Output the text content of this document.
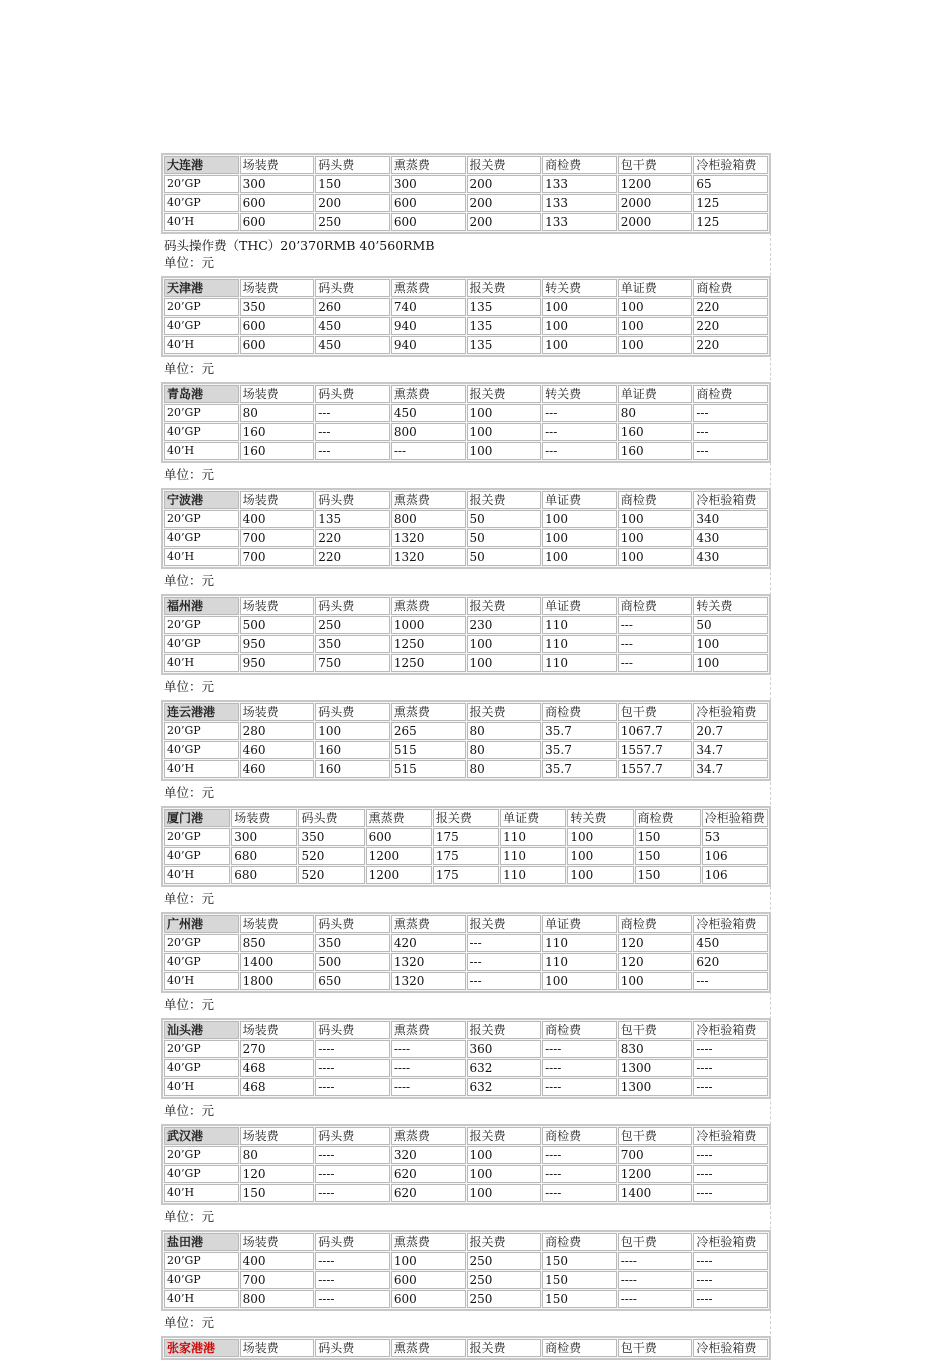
大连港	场装费	码头费	熏蒸费	报关费	商检费	包干费	冷柜验箱费
20’GP	300	150	300	200	133	1200	65
40’GP	600	200	600	200	133	2000	125
40’H	600	250	600	200	133	2000	125
码头操作费（THC）20’370RMB 40’560RMB
单位：元
天津港	场装费	码头费	熏蒸费	报关费	转关费	单证费	商检费
20’GP	350	260	740	135	100	100	220
40’GP	600	450	940	135	100	100	220
40’H	600	450	940	135	100	100	220
单位：元
青岛港	场装费	码头费	熏蒸费	报关费	转关费	单证费	商检费
20’GP	80	---	450	100	---	80	---
40’GP	160	---	800	100	---	160	---
40’H	160	---	---	100	---	160	---
单位：元
宁波港	场装费	码头费	熏蒸费	报关费	单证费	商检费	冷柜验箱费
20’GP	400	135	800	50	100	100	340
40’GP	700	220	1320	50	100	100	430
40’H	700	220	1320	50	100	100	430
单位：元
福州港	场装费	码头费	熏蒸费	报关费	单证费	商检费	转关费
20’GP	500	250	1000	230	110	---	50
40’GP	950	350	1250	100	110	---	100
40’H	950	750	1250	100	110	---	100
单位：元
连云港港	场装费	码头费	熏蒸费	报关费	商检费	包干费	冷柜验箱费
20’GP	280	100	265	80	35.7	1067.7	20.7
40’GP	460	160	515	80	35.7	1557.7	34.7
40’H	460	160	515	80	35.7	1557.7	34.7
单位：元
厦门港	场装费	码头费	熏蒸费	报关费	单证费	转关费	商检费	冷柜验箱费
20’GP	300	350	600	175	110	100	150	53
40’GP	680	520	1200	175	110	100	150	106
40’H	680	520	1200	175	110	100	150	106
单位：元
广州港	场装费	码头费	熏蒸费	报关费	单证费	商检费	冷柜验箱费
20’GP	850	350	420	---	110	120	450
40’GP	1400	500	1320	---	110	120	620
40’H	1800	650	1320	---	100	100	---
单位：元
汕头港	场装费	码头费	熏蒸费	报关费	商检费	包干费	冷柜验箱费
20’GP	270	----	----	360	----	830	----
40’GP	468	----	----	632	----	1300	----
40’H	468	----	----	632	----	1300	----
单位：元
武汉港	场装费	码头费	熏蒸费	报关费	商检费	包干费	冷柜验箱费
20’GP	80	----	320	100	----	700	----
40’GP	120	----	620	100	----	1200	----
40’H	150	----	620	100	----	1400	----
单位：元
盐田港	场装费	码头费	熏蒸费	报关费	商检费	包干费	冷柜验箱费
20’GP	400	----	100	250	150	----	----
40’GP	700	----	600	250	150	----	----
40’H	800	----	600	250	150	----	----
单位：元
张家港港	场装费	码头费	熏蒸费	报关费	商检费	包干费	冷柜验箱费
